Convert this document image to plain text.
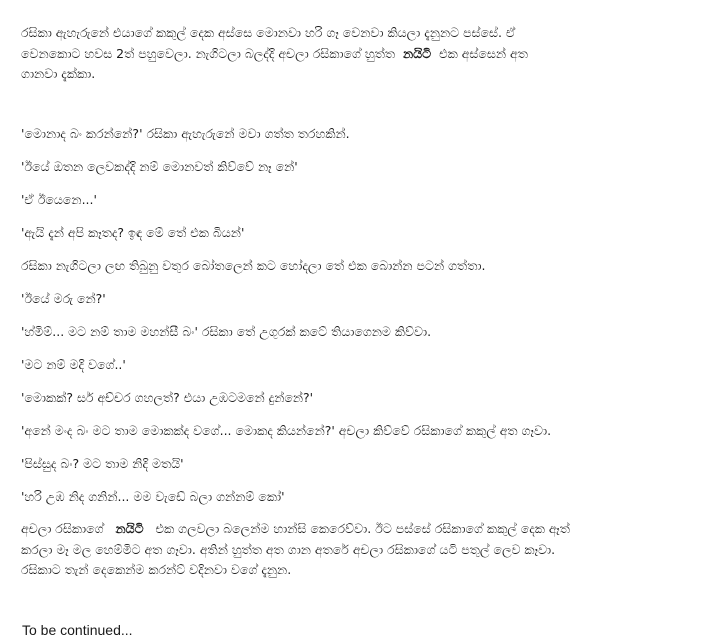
රසිකා ඇහැරුනේ එයාගේ කකුල් දෙක අස්සෙ මොනවා හරි ගෑ වෙනවා කියලා දැනුනට පස්සේ. ඒ
වෙනකොට හවස 2ත් පහුවෙලා. නැගිටලා බලද්දි අචලා රසිකාගේ හුත්ත නයිටි එක අස්සෙන් අත
ගානවා දැක්කා.

'මොනාද බං කරන්නේ?' රසිකා ඇහැරුනේ මවා ගත්ත තරහකින්.

'ඊයේ ඔතන ලෙවකද්දි නම් මොනවත් කිව්වේ නෑ නේ'

'ඒ ඊයෙනෙ...'

'ඇයි දැන් අපි කෑතද? ඉඳ මේ තේ එක බියන්'

රසිකා නැගිටලා ලඟ තිබුනු වතුර බෝතලෙන් කට හෝදලා තේ එක බොන්න පටන් ගත්තා.

'ඊයේ මරු නේ?'

'හ්මිම්... මට නම් තාම මහන්සී බං' රසිකා තේ උගුරක් කටේ තියාගෙනම කිව්වා.

'මට නම් මදි වගේ..'

'මොකක්? සර් අච්චර ගහලත්? එයා උඹටමනේ දුන්නේ?'

'අනේ මංද බං මට තාම මොකක්ද වගේ... මොකද කියන්නේ?' අචලා කිව්වේ රසිකාගේ කකුල් අත ගෑවා.

'පිස්සුද බං? මට තාම නිදි මතයි'

'හරි උඹ නිද ගනින්... මම වැඩේ බලා ගන්නම් කෝ'

අචලා රසිකාගේ නයිටි එක ගලවලා බලෙන්ම හාන්සි කෙරෙව්වා. ඊට පස්සේ රසිකාගේ කකුල් දෙක ඈත්
කරලා මෑ මල හෙම්මිට අත ගෑවා. අතින් හුත්ත අත ගාන අතරේ අචලා රසිකාගේ යටි පතුල් ලෙව කෑවා.
රසිකාට තැන් දෙකෙන්ම කරන්ට් වදිනවා වගේ දැනුන.

To be continued...
